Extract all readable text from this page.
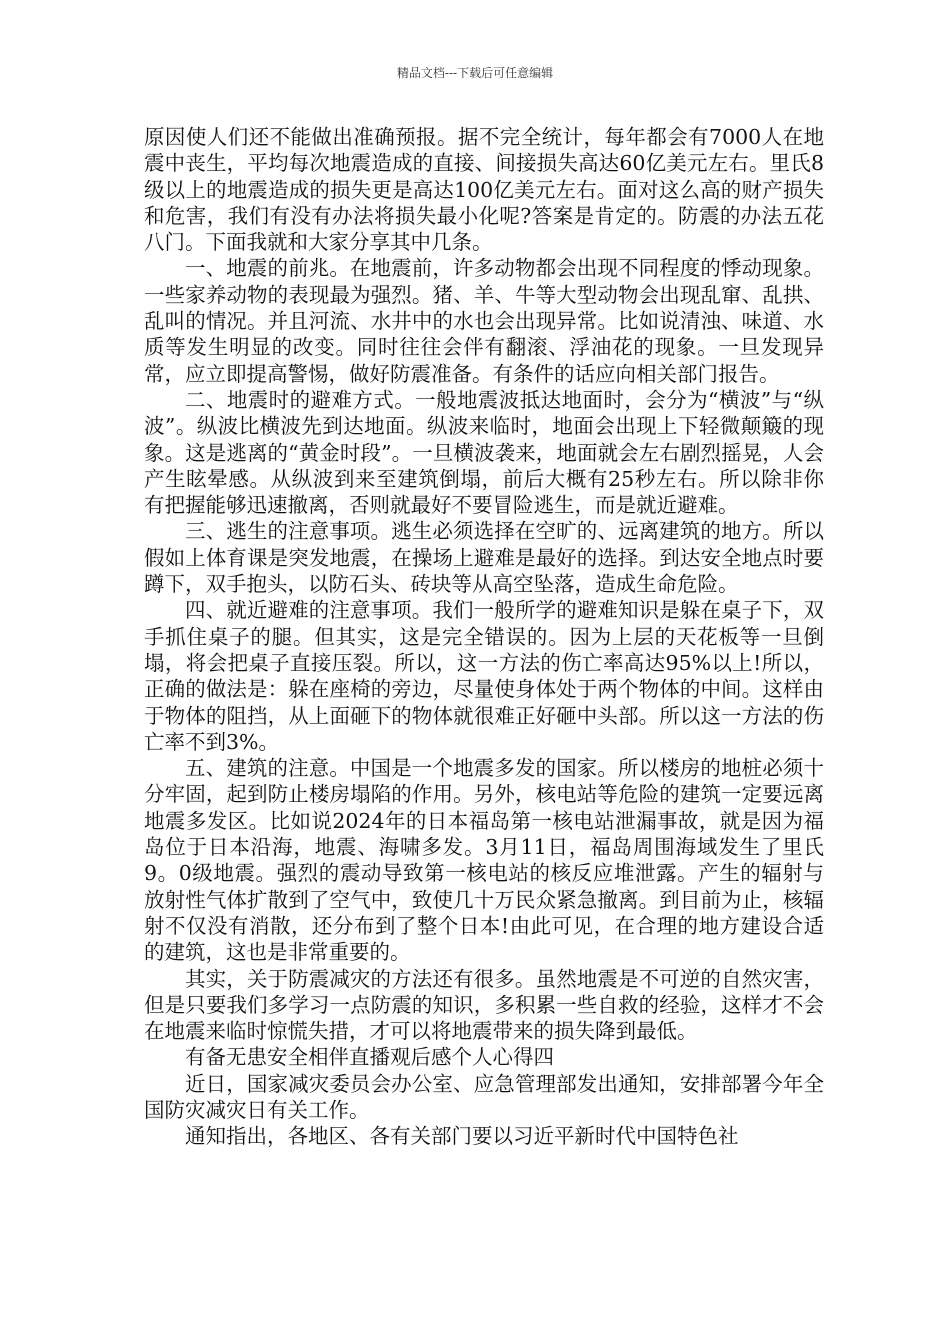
精品文档---下载后可任意编辑

原因使人们还不能做出准确预报。据不完全统计，每年都会有7000人在地震中丧生，平均每次地震造成的直接、间接损失高达60亿美元左右。里氏8级以上的地震造成的损失更是高达100亿美元左右。面对这么高的财产损失和危害，我们有没有办法将损失最小化呢?答案是肯定的。防震的办法五花八门。下面我就和大家分享其中几条。

一、地震的前兆。在地震前，许多动物都会出现不同程度的悸动现象。一些家养动物的表现最为强烈。猪、羊、牛等大型动物会出现乱窜、乱拱、乱叫的情况。并且河流、水井中的水也会出现异常。比如说清浊、味道、水质等发生明显的改变。同时往往会伴有翻滚、浮油花的现象。一旦发现异常，应立即提高警惕，做好防震准备。有条件的话应向相关部门报告。

二、地震时的避难方式。一般地震波抵达地面时，会分为“横波”与“纵波”。纵波比横波先到达地面。纵波来临时，地面会出现上下轻微颠簸的现象。这是逃离的“黄金时段”。一旦横波袭来，地面就会左右剧烈摇晃，人会产生眩晕感。从纵波到来至建筑倒塌，前后大概有25秒左右。所以除非你有把握能够迅速撤离，否则就最好不要冒险逃生，而是就近避难。

三、逃生的注意事项。逃生必须选择在空旷的、远离建筑的地方。所以假如上体育课是突发地震，在操场上避难是最好的选择。到达安全地点时要蹲下，双手抱头，以防石头、砖块等从高空坠落，造成生命危险。

四、就近避难的注意事项。我们一般所学的避难知识是躲在桌子下，双手抓住桌子的腿。但其实，这是完全错误的。因为上层的天花板等一旦倒塌，将会把桌子直接压裂。所以，这一方法的伤亡率高达95%以上!所以，正确的做法是：躲在座椅的旁边，尽量使身体处于两个物体的中间。这样由于物体的阻挡，从上面砸下的物体就很难正好砸中头部。所以这一方法的伤亡率不到3%。

五、建筑的注意。中国是一个地震多发的国家。所以楼房的地桩必须十分牢固，起到防止楼房塌陷的作用。另外，核电站等危险的建筑一定要远离地震多发区。比如说2024年的日本福岛第一核电站泄漏事故，就是因为福岛位于日本沿海，地震、海啸多发。3月11日，福岛周围海域发生了里氏9。0级地震。强烈的震动导致第一核电站的核反应堆泄露。产生的辐射与放射性气体扩散到了空气中，致使几十万民众紧急撤离。到目前为止，核辐射不仅没有消散，还分布到了整个日本!由此可见，在合理的地方建设合适的建筑，这也是非常重要的。

其实，关于防震减灾的方法还有很多。虽然地震是不可逆的自然灾害，但是只要我们多学习一点防震的知识，多积累一些自救的经验，这样才不会在地震来临时惊慌失措，才可以将地震带来的损失降到最低。

有备无患安全相伴直播观后感个人心得四

近日，国家减灾委员会办公室、应急管理部发出通知，安排部署今年全国防灾减灾日有关工作。

通知指出，各地区、各有关部门要以习近平新时代中国特色社
